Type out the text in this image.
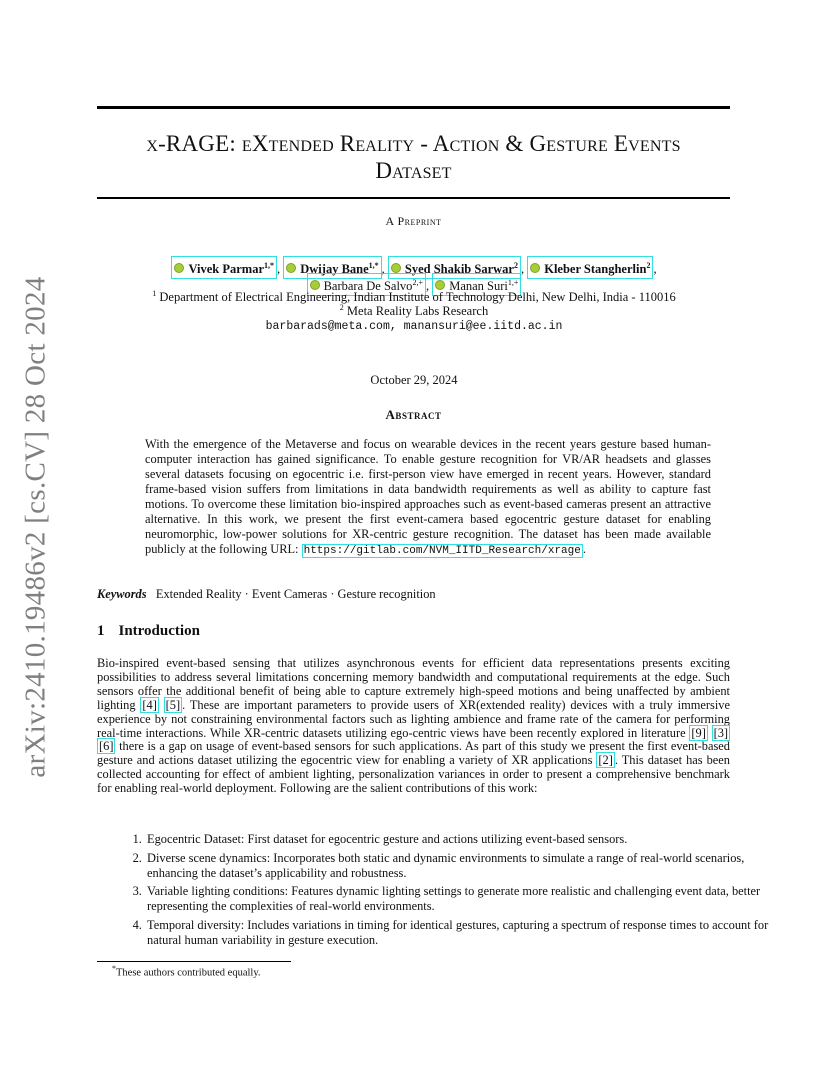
arXiv:2410.19486v2 [cs.CV] 28 Oct 2024
x-RAGE: eXtended Reality - Action & Gesture Events
Dataset
A Preprint
Vivek Parmar$^{1,*}$ , Dwijay Bane$^{1,*}$ , Syed Shakib Sarwar$^2$ , Kleber Stangherlin$^2$ ,
Barbara De Salvo$^{2,+}$ , Manan Suri$^{1,+}$
$^1$ Department of Electrical Engineering, Indian Institute of Technology Delhi, New Delhi, India - 110016
$^2$ Meta Reality Labs Research
barbarads@meta.com, manansuri@ee.iitd.ac.in
October 29, 2024
Abstract
With the emergence of the Metaverse and focus on wearable devices in the recent years gesture based human-computer interaction has gained significance. To enable gesture recognition for VR/AR headsets and glasses several datasets focusing on egocentric i.e. first-person view have emerged in recent years. However, standard frame-based vision suffers from limitations in data bandwidth requirements as well as ability to capture fast motions. To overcome these limitation bio-inspired approaches such as event-based cameras present an attractive alternative. In this work, we present the first event-camera based egocentric gesture dataset for enabling neuromorphic, low-power solutions for XR-centric gesture recognition. The dataset has been made available publicly at the following URL: https://gitlab.com/NVM_IITD_Research/xrage .
Keywords Extended Reality · Event Cameras · Gesture recognition
1 Introduction
Bio-inspired event-based sensing that utilizes asynchronous events for efficient data representations presents exciting possibilities to address several limitations concerning memory bandwidth and computational requirements at the edge. Such sensors offer the additional benefit of being able to capture extremely high-speed motions and being unaffected by ambient lighting [4] [5] . These are important parameters to provide users of XR(extended reality) devices with a truly immersive experience by not constraining environmental factors such as lighting ambience and frame rate of the camera for performing real-time interactions. While XR-centric datasets utilizing ego-centric views have been recently explored in literature [9] [3] [6] there is a gap on usage of event-based sensors for such applications. As part of this study we present the first event-based gesture and actions dataset utilizing the egocentric view for enabling a variety of XR applications [2] . This dataset has been collected accounting for effect of ambient lighting, personalization variances in order to present a comprehensive benchmark for enabling real-world deployment. Following are the salient contributions of this work:
1. Egocentric Dataset: First dataset for egocentric gesture and actions utilizing event-based sensors.
2. Diverse scene dynamics: Incorporates both static and dynamic environments to simulate a range of real-world scenarios, enhancing the dataset’s applicability and robustness.
3. Variable lighting conditions: Features dynamic lighting settings to generate more realistic and challenging event data, better representing the complexities of real-world environments.
4. Temporal diversity: Includes variations in timing for identical gestures, capturing a spectrum of response times to account for natural human variability in gesture execution.
*These authors contributed equally.
